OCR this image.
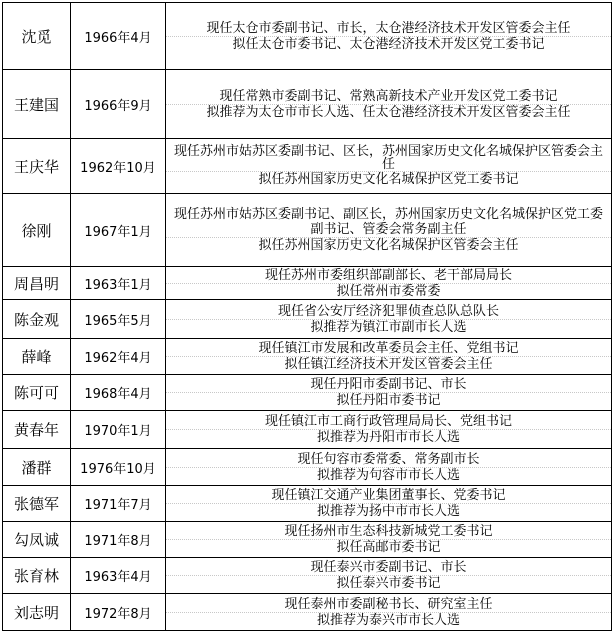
沈觅	1966年4月	现任太仓市委副书记、市长，太仓港经济技术开发区管委会主任
拟任太仓市委书记、太仓港经济技术开发区党工委书记

王建国	1966年9月	现任常熟市委副书记、常熟高新技术产业开发区党工委书记
拟推荐为太仓市市长人选、任太仓港经济技术开发区管委会主任

王庆华	1962年10月	现任苏州市姑苏区委副书记、区长，苏州国家历史文化名城保护区管委会主任
拟任苏州国家历史文化名城保护区党工委书记

徐刚	1967年1月	现任苏州市姑苏区委副书记、副区长，苏州国家历史文化名城保护区党工委副书记、管委会常务副主任
拟任苏州国家历史文化名城保护区管委会主任

周昌明	1963年1月	现任苏州市委组织部副部长、老干部局局长
拟任常州市委常委

陈金观	1965年5月	现任省公安厅经济犯罪侦查总队总队长
拟推荐为镇江市副市长人选

薛峰	1962年4月	现任镇江市发展和改革委员会主任、党组书记
拟任镇江经济技术开发区管委会主任

陈可可	1968年4月	现任丹阳市委副书记、市长
拟任丹阳市委书记

黄春年	1970年1月	现任镇江市工商行政管理局局长、党组书记
拟推荐为丹阳市市长人选

潘群	1976年10月	现任句容市委常委、常务副市长
拟推荐为句容市市长人选

张德军	1971年7月	现任镇江交通产业集团董事长、党委书记
拟推荐为扬中市市长人选

勾凤诚	1971年8月	现任扬州市生态科技新城党工委书记
拟任高邮市委书记

张育林	1963年4月	现任泰兴市委副书记、市长
拟任泰兴市委书记

刘志明	1972年8月	现任泰州市委副秘书长、研究室主任
拟推荐为泰兴市市长人选
